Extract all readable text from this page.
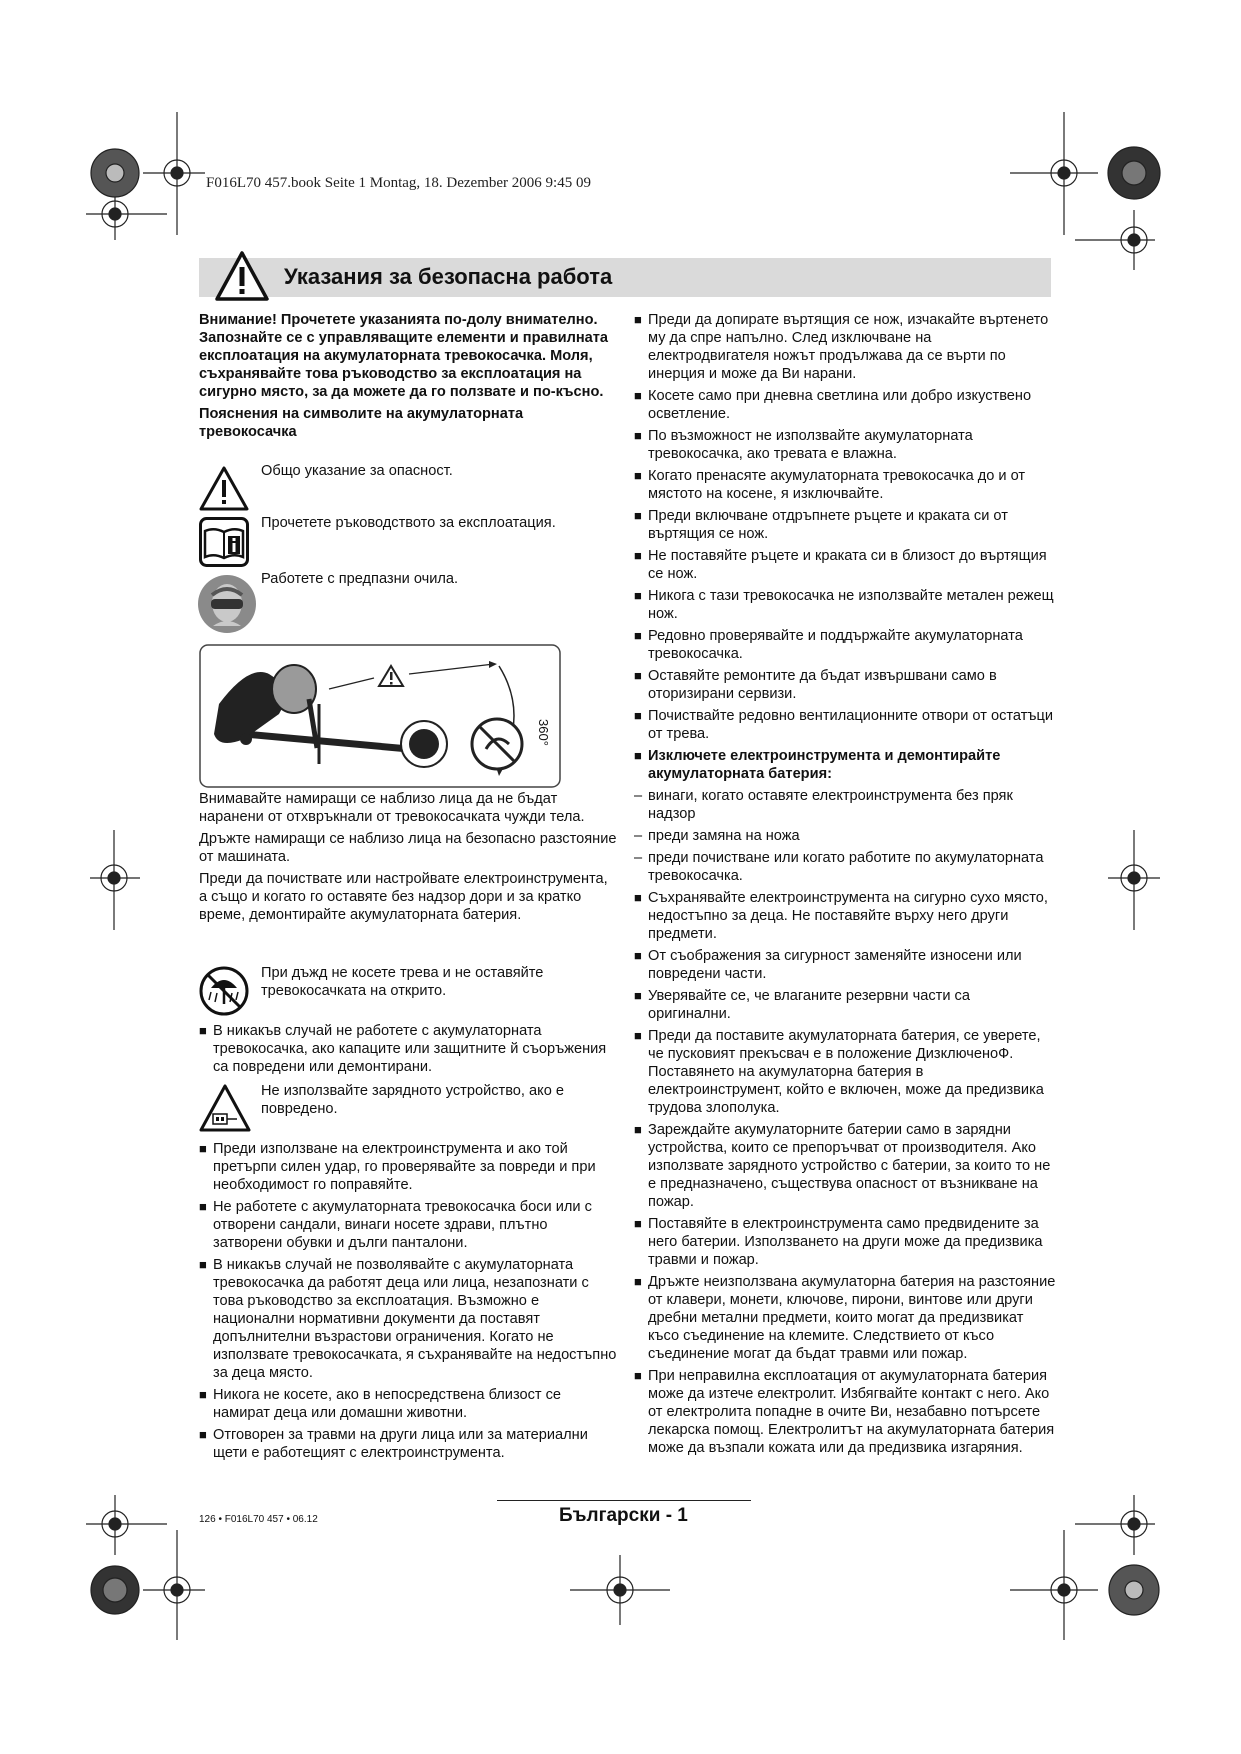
F016L70 457.book Seite 1 Montag, 18. Dezember 2006 9:45 09
Указания за безопасна работа

Внимание! Прочетете указанията по-долу внимателно. Запознайте се с управляващите елементи и правилната експлоатация на акумулаторната тревокосачка. Моля, съхранявайте това ръководство за експлоатация на сигурно място, за да можете да го ползвате и по-късно.

Пояснения на символите на акумулаторната тревокосачка

Общо указание за опасност.
Прочетете ръководството за експлоатация.
Работете с предпазни очила.
360°

Внимавайте намиращи се наблизо лица да не бъдат наранени от отхвръкнали от тревокосачката чужди тела.

Дръжте намиращи се наблизо лица на безопасно разстояние от машината.

Преди да почиствате или настройвате електроинструмента, а също и когато го оставяте без надзор дори и за кратко време, демонтирайте акумулаторната батерия.

При дъжд не косете трева и не оставяйте тревокосачката на открито.

■ В никакъв случай не работете с акумулаторната тревокосачка, ако капаците или защитните й съоръжения са повредени или демонтирани.

Не използвайте зарядното устройство, ако е повредено.

■ Преди използване на електроинструмента и ако той претърпи силен удар, го проверявайте за повреди и при необходимост го поправяйте.

■ Не работете с акумулаторната тревокосачка боси или с отворени сандали, винаги носете здрави, плътно затворени обувки и дълги панталони.

■ В никакъв случай не позволявайте с акумулаторната тревокосачка да работят деца или лица, незапознати с това ръководство за експлоатация. Възможно е национални нормативни документи да поставят допълнителни възрастови ограничения. Когато не използвате тревокосачката, я съхранявайте на недостъпно за деца място.

■ Никога не косете, ако в непосредствена близост се намират деца или домашни животни.

■ Отговорен за травми на други лица или за материални щети е работещият с електроинструмента.

■ Преди да допирате въртящия се нож, изчакайте въртенето му да спре напълно. След изключване на електродвигателя ножът продължава да се върти по инерция и може да Ви нарани.

■ Косете само при дневна светлина или добро изкуствено осветление.

■ По възможност не използвайте акумулаторната тревокосачка, ако тревата е влажна.

■ Когато пренасяте акумулаторната тревокосачка до и от мястото на косене, я изключвайте.

■ Преди включване отдръпнете ръцете и краката си от въртящия се нож.

■ Не поставяйте ръцете и краката си в близост до въртящия се нож.

■ Никога с тази тревокосачка не използвайте метален режещ нож.

■ Редовно проверявайте и поддържайте акумулаторната тревокосачка.

■ Оставяйте ремонтите да бъдат извършвани само в оторизирани сервизи.

■ Почиствайте редовно вентилационните отвори от остатъци от трева.

■ Изключете електроинструмента и демонтирайте акумулаторната батерия:

– винаги, когато оставяте електроинструмента без пряк надзор

– преди замяна на ножа

– преди почистване или когато работите по акумулаторната тревокосачка.

■ Съхранявайте електроинструмента на сигурно сухо място, недостъпно за деца. Не поставяйте върху него други предмети.

■ От съображения за сигурност заменяйте износени или повредени части.

■ Уверявайте се, че влаганите резервни части са оригинални.

■ Преди да поставите акумулаторната батерия, се уверете, че пусковият прекъсвач е в положение ДизключеноФ. Поставянето на акумулаторна батерия в електроинструмент, който е включен, може да предизвика трудова злополука.

■ Зареждайте акумулаторните батерии само в зарядни устройства, които се препоръчват от производителя. Ако използвате зарядното устройство с батерии, за които то не е предназначено, съществува опасност от възникване на пожар.

■ Поставяйте в електроинструмента само предвидените за него батерии. Използването на други може да предизвика травми и пожар.

■ Дръжте неизползвана акумулаторна батерия на разстояние от клавери, монети, ключове, пирони, винтове или други дребни метални предмети, които могат да предизвикат късо съединение на клемите. Следствието от късо съединение могат да бъдат травми или пожар.

■ При неправилна експлоатация от акумулаторната батерия може да изтече електролит. Избягвайте контакт с него. Ако от електролита попадне в очите Ви, незабавно потърсете лекарска помощ. Електролитът на акумулаторната батерия може да възпали кожата или да предизвика изгаряния.

126 • F016L70 457 • 06.12	Български - 1
